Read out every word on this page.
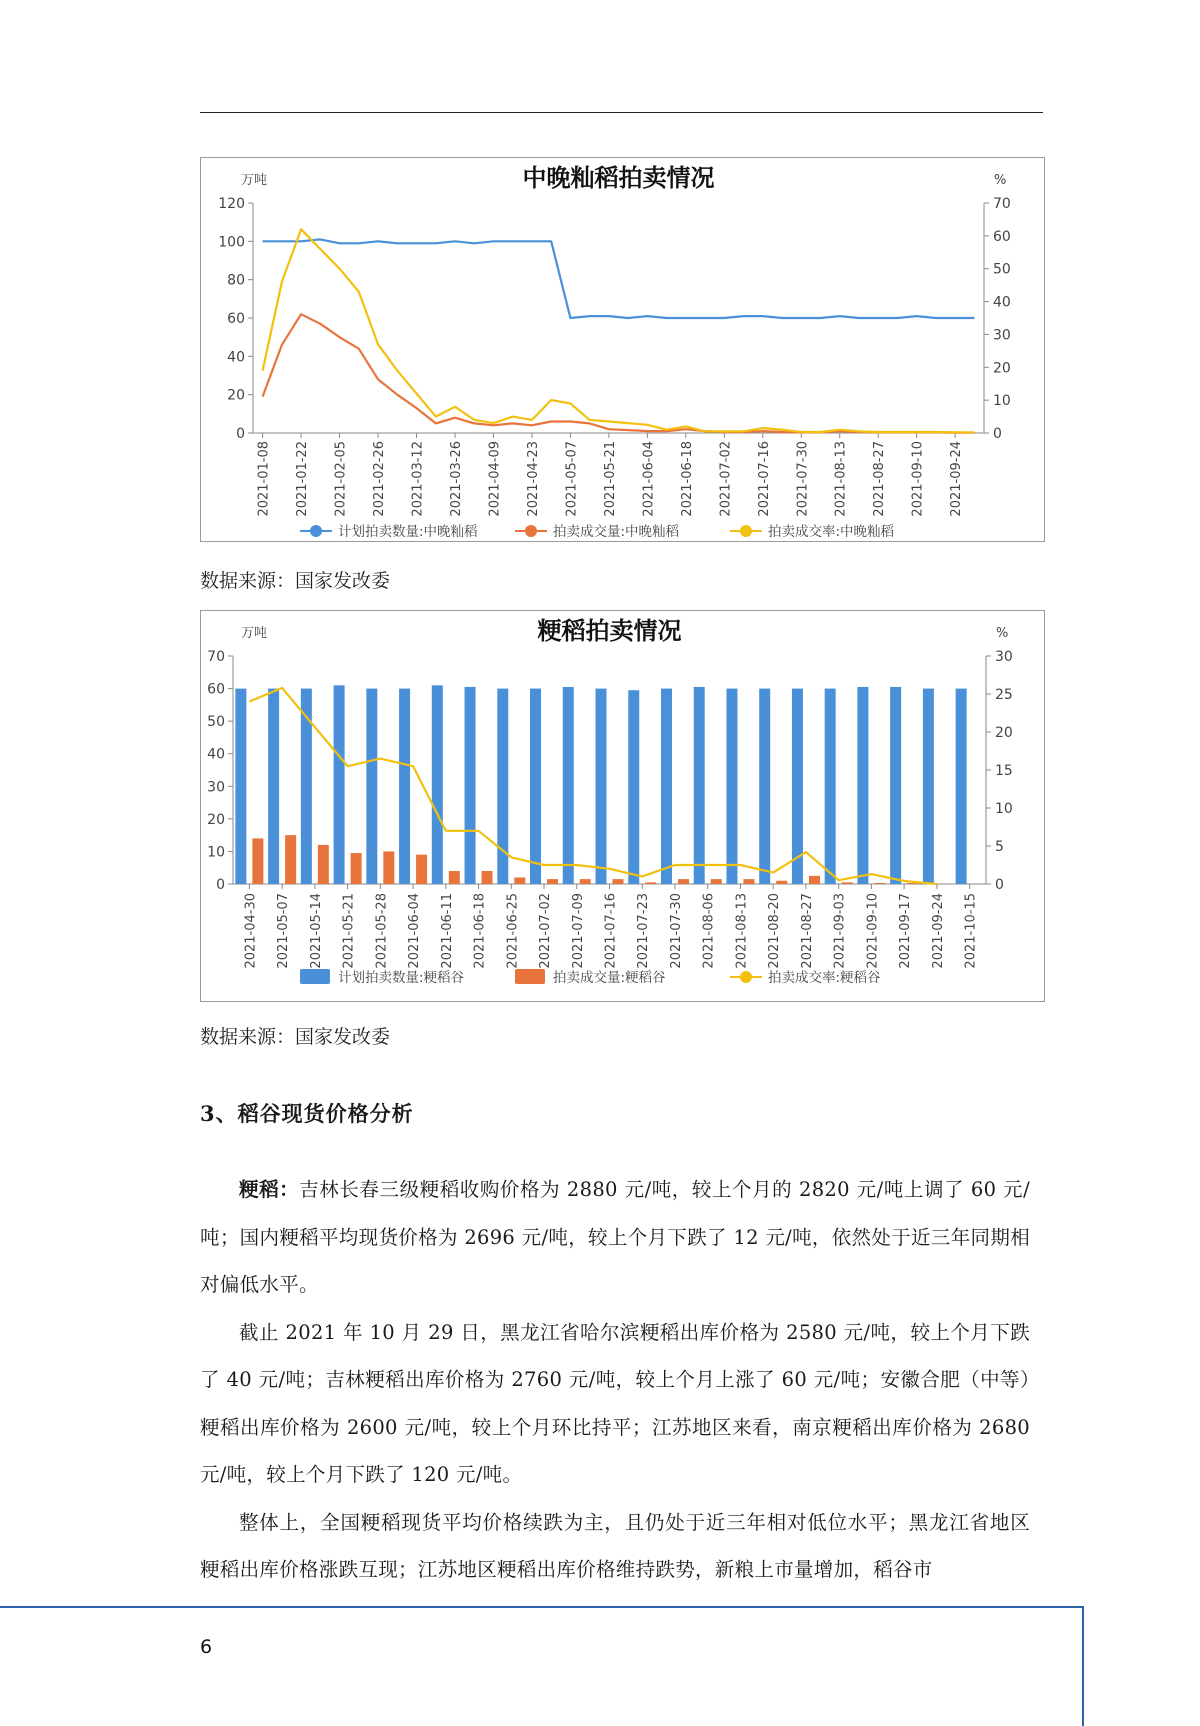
中晚籼稻拍卖情况
万吨	%
0
20
40
60
80
100
120
0
10
20
30
40
50
60
70
2021-01-08 2021-01-22 2021-02-05 2021-02-26 2021-03-12 2021-03-26 2021-04-09 2021-04-23 2021-05-07 2021-05-21 2021-06-04 2021-06-18 2021-07-02 2021-07-16 2021-07-30 2021-08-13 2021-08-27 2021-09-10 2021-09-24
计划拍卖数量:中晚籼稻	拍卖成交量:中晚籼稻	拍卖成交率:中晚籼稻
数据来源：国家发改委
粳稻拍卖情况
万吨	%
0
10
20
30
40
50
60
70
0
5
10
15
20
25
30
2021-04-30 2021-05-07 2021-05-14 2021-05-21 2021-05-28 2021-06-04 2021-06-11 2021-06-18 2021-06-25 2021-07-02 2021-07-09 2021-07-16 2021-07-23 2021-07-30 2021-08-06 2021-08-13 2021-08-20 2021-08-27 2021-09-03 2021-09-10 2021-09-17 2021-09-24 2021-10-15
计划拍卖数量:粳稻谷	拍卖成交量:粳稻谷	拍卖成交率:粳稻谷
数据来源：国家发改委
3、稻谷现货价格分析

粳稻：吉林长春三级粳稻收购价格为 2880 元/吨，较上个月的 2820 元/吨上调了 60 元/吨；国内粳稻平均现货价格为 2696 元/吨，较上个月下跌了 12 元/吨，依然处于近三年同期相对偏低水平。

截止 2021 年 10 月 29 日，黑龙江省哈尔滨粳稻出库价格为 2580 元/吨，较上个月下跌了 40 元/吨；吉林粳稻出库价格为 2760 元/吨，较上个月上涨了 60 元/吨；安徽合肥（中等）粳稻出库价格为 2600 元/吨，较上个月环比持平；江苏地区来看，南京粳稻出库价格为 2680 元/吨，较上个月下跌了 120 元/吨。

整体上，全国粳稻现货平均价格续跌为主，且仍处于近三年相对低位水平；黑龙江省地区粳稻出库价格涨跌互现；江苏地区粳稻出库价格维持跌势，新粮上市量增加，稻谷市

6
